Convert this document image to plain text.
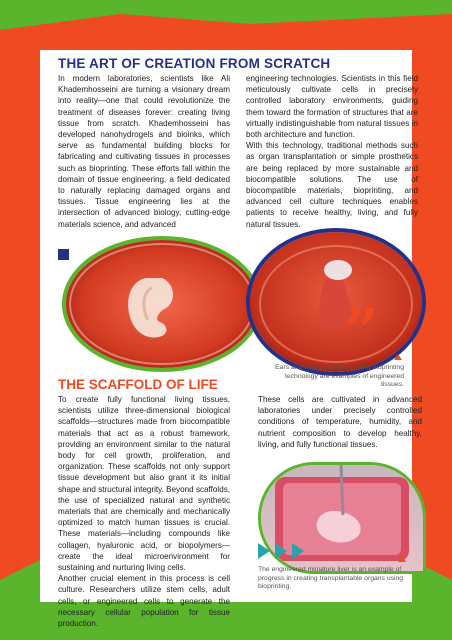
THE ART OF CREATION FROM SCRATCH

In modern laboratories, scientists like Ali Khademhosseini are turning a visionary dream into reality—one that could revolutionize the treatment of diseases forever: creating living tissue from scratch. Khademhosseini has developed nanohydrogels and bioinks, which serve as fundamental building blocks for fabricating and cultivating tissues in processes such as bioprinting. These efforts fall within the domain of tissue engineering, a field dedicated to naturally replacing damaged organs and tissues. Tissue engineering lies at the intersection of advanced biology, cutting-edge materials science, and advanced

engineering technologies. Scientists in this field meticulously cultivate cells in precisely controlled laboratory environments, guiding them toward the formation of structures that are virtually indistinguishable from natural tissues in both architecture and function.

With this technology, traditional methods such as organ transplantation or simple prosthetics are being replaced by more sustainable and biocompatible solutions. The use of biocompatible materials, bioprinting, and advanced cell culture techniques enables patients to receive healthy, living, and fully natural tissues.

”
Ears and noses produced using bioprinting technology are examples of engineered tissues.
THE SCAFFOLD OF LIFE

To create fully functional living tissues, scientists utilize three-dimensional biological scaffolds—structures made from biocompatible materials that act as a robust framework, providing an environment similar to the natural body for cell growth, proliferation, and organization. These scaffolds not only support tissue development but also grant it its initial shape and structural integrity. Beyond scaffolds, the use of specialized natural and synthetic materials that are chemically and mechanically optimized to match human tissues is crucial. These materials—including compounds like collagen, hyaluronic acid, or biopolymers—create the ideal microenvironment for sustaining and nurturing living cells.

Another crucial element in this process is cell culture. Researchers utilize stem cells, adult cells, or engineered cells to generate the necessary cellular population for tissue production.

These cells are cultivated in advanced laboratories under precisely controlled conditions of temperature, humidity, and nutrient composition to develop healthy, living, and fully functional tissues.

The engineered miniature liver is an example of progress in creating transplantable organs using bioprinting.
22
